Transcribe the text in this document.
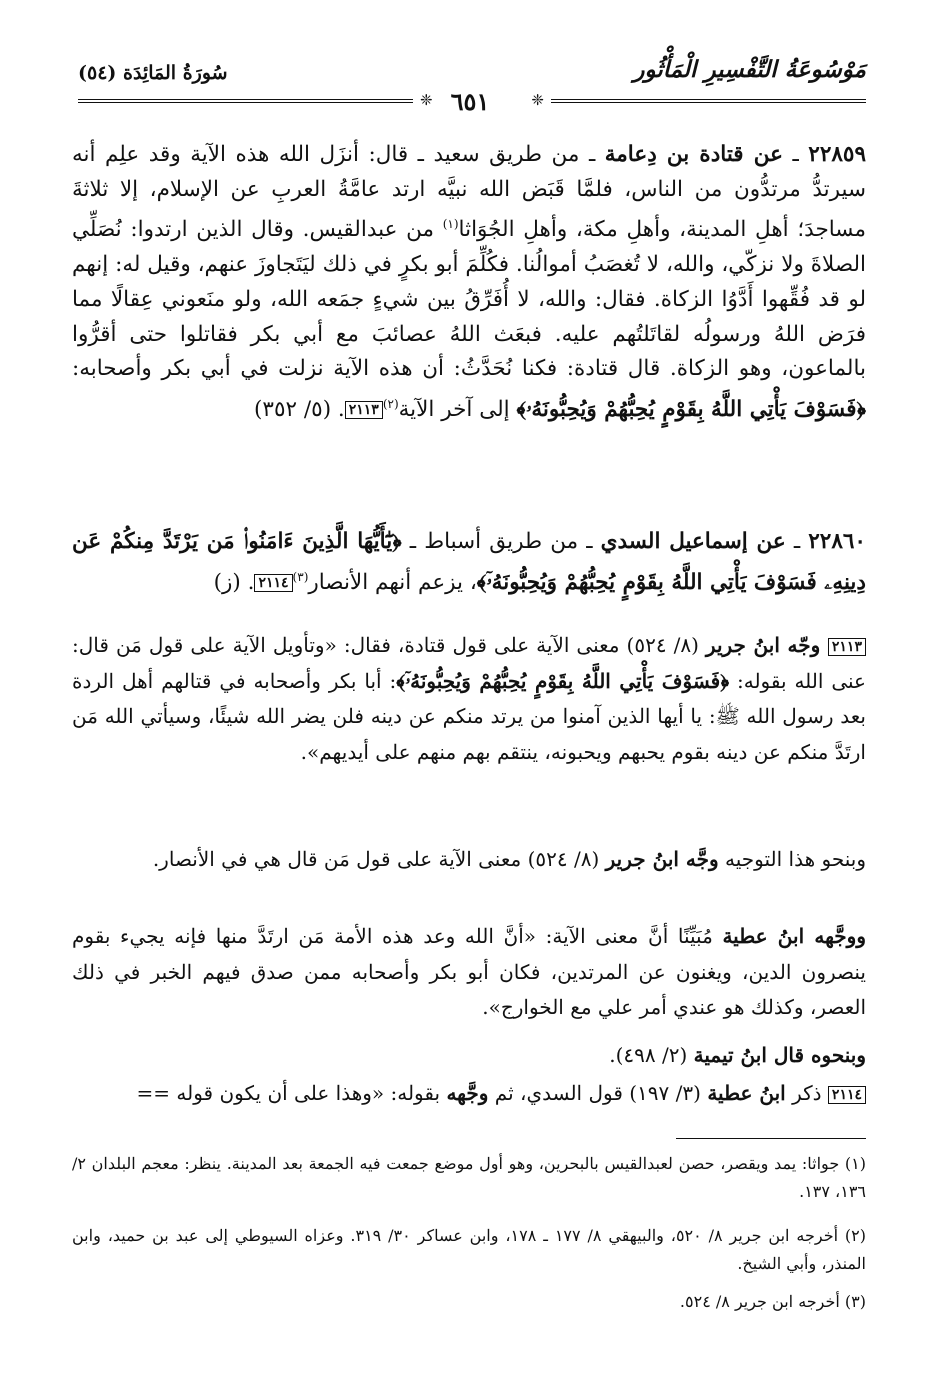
مَوْسُوعَةُ التَّفْسِيرِ الْمَأْثُور
سُورَةُ المَائِدَة (٥٤)
❈
❈ ٦٥١
٢٢٨٥٩ ـ عن قتادة بن دِعامة ـ من طريق سعيد ـ قال: أنزَل الله هذه الآية وقد علِم أنه سيرتدُّ مرتدُّون من الناس، فلمَّا قَبَض الله نبيَّه ارتد عامَّةُ العربِ عن الإسلام، إلا ثلاثةَ مساجدَ؛ أهلِ المدينة، وأهلِ مكة، وأهلِ الجُوَاثا$^{(١)}$ من عبدالقيس. وقال الذين ارتدوا: نُصَلِّي الصلاةَ ولا نزكّي، والله، لا تُغصَبُ أموالُنا. فكُلِّمَ أبو بكرٍ في ذلك ليَتَجاوزَ عنهم، وقيل له: إنهم لو قد فُقِّهوا أَدَّوُا الزكاة. فقال: والله، لا أُفَرِّقُ بين شيءٍ جمَعه الله، ولو منَعوني عِقالًا مما فرَض اللهُ ورسولُه لقاتَلتُهم عليه. فبعَث اللهُ عصائبَ مع أبي بكر فقاتلوا حتى أقرُّوا بالماعون، وهو الزكاة. قال قتادة: فكنا نُحَدَّثُ: أن هذه الآية نزلت في أبي بكر وأصحابه: ﴿فَسَوْفَ يَأْتِي اللَّهُ بِقَوْمٍ يُحِبُّهُمْ وَيُحِبُّونَهُۥ﴾ إلى آخر الآية$^{(٢)}$٢١١٣. (٥/ ٣٥٢)
٢٢٨٦٠ ـ عن إسماعيل السدي ـ من طريق أسباط ـ ﴿يَٰٓأَيُّهَا الَّذِينَ ءَامَنُوا۟ مَن يَرْتَدَّ مِنكُمْ عَن دِينِهِۦ فَسَوْفَ يَأْتِي اللَّهُ بِقَوْمٍ يُحِبُّهُمْ وَيُحِبُّونَهُۥٓ﴾، يزعم أنهم الأنصار$^{(٣)}$٢١١٤. (ز)
٢١١٣ وجّه ابنُ جرير (٨/ ٥٢٤) معنى الآية على قول قتادة، فقال: «وتأويل الآية على قول مَن قال: عنى الله بقوله: ﴿فَسَوْفَ يَأْتِي اللَّهُ بِقَوْمٍ يُحِبُّهُمْ وَيُحِبُّونَهُۥٓ﴾: أبا بكر وأصحابه في قتالهم أهل الردة بعد رسول الله ﷺ: يا أيها الذين آمنوا من يرتد منكم عن دينه فلن يضر الله شيئًا، وسيأتي الله مَن ارتَدَّ منكم عن دينه بقوم يحبهم ويحبونه، ينتقم بهم منهم على أيديهم».
وبنحو هذا التوجيه وجَّه ابنُ جرير (٨/ ٥٢٤) معنى الآية على قول مَن قال هي في الأنصار.
ووجَّهه ابنُ عطية مُبَيِّنًا أنَّ معنى الآية: «أنَّ الله وعد هذه الأمة مَن ارتَدَّ منها فإنه يجيء بقوم ينصرون الدين، ويغنون عن المرتدين، فكان أبو بكر وأصحابه ممن صدق فيهم الخبر في ذلك العصر، وكذلك هو عندي أمر علي مع الخوارج».
وبنحوه قال ابنُ تيمية (٢/ ٤٩٨).
٢١١٤ ذكر ابنُ عطية (٣/ ١٩٧) قول السدي، ثم وجَّهه بقوله: «وهذا على أن يكون قوله ==
(١) جواثا: يمد ويقصر، حصن لعبدالقيس بالبحرين، وهو أول موضع جمعت فيه الجمعة بعد المدينة. ينظر: معجم البلدان ٢/ ١٣٦، ١٣٧.
(٢) أخرجه ابن جرير ٨/ ٥٢٠، والبيهقي ٨/ ١٧٧ ـ ١٧٨، وابن عساكر ٣٠/ ٣١٩. وعزاه السيوطي إلى عبد بن حميد، وابن المنذر، وأبي الشيخ.
(٣) أخرجه ابن جرير ٨/ ٥٢٤.
